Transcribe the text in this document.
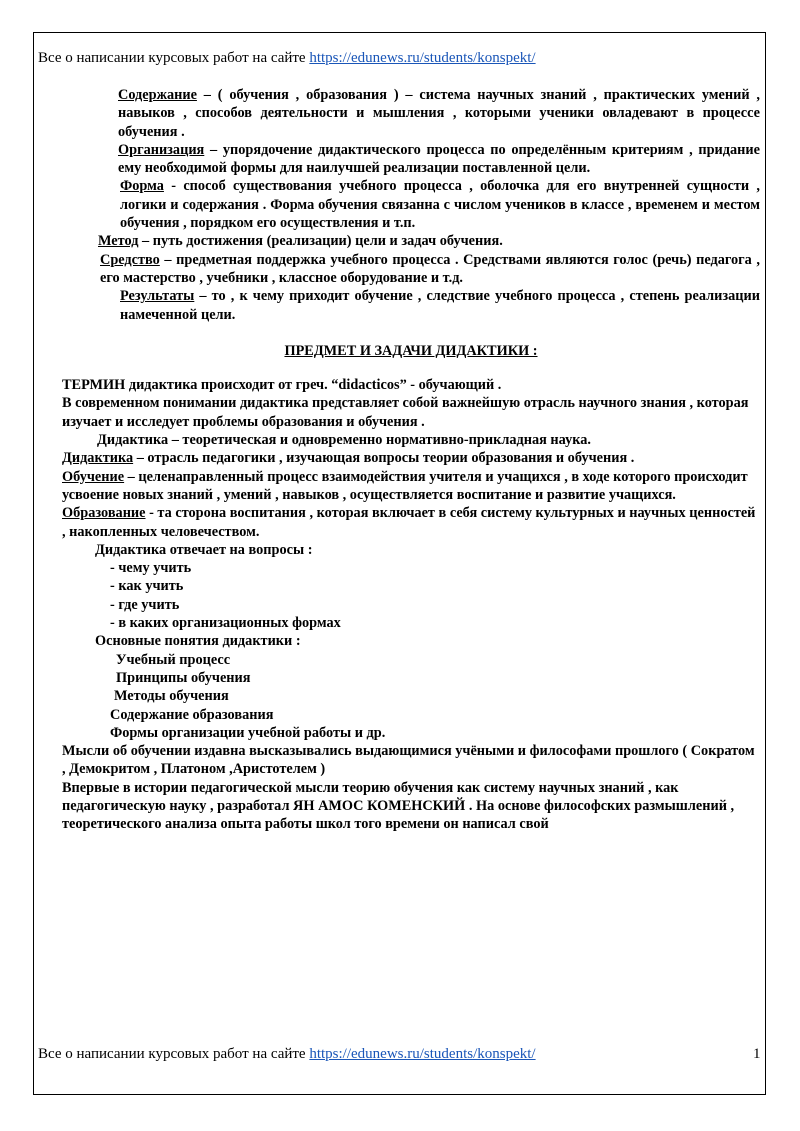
Все о написании курсовых работ на сайте https://edunews.ru/students/konspekt/

Содержание – ( обучения , образования ) – система научных знаний , практических умений , навыков , способов деятельности и мышления , которыми ученики овладевают в процессе обучения .

Организация – упорядочение дидактического процесса по определённым критериям , придание ему необходимой формы для наилучшей реализации поставленной цели.

Форма - способ существования учебного процесса , оболочка для его внутренней сущности , логики и содержания . Форма обучения связанна с числом учеников в классе , временем и местом обучения , порядком его осуществления и т.п.

Метод – путь достижения (реализации) цели и задач обучения.

Средство – предметная поддержка учебного процесса . Средствами являются голос (речь) педагога , его мастерство , учебники , классное оборудование и т.д.

Результаты – то , к чему приходит обучение , следствие учебного процесса , степень реализации намеченной цели.

ПРЕДМЕТ И ЗАДАЧИ ДИДАКТИКИ :

ТЕРМИН дидактика происходит от греч. “didacticos” - обучающий .

В современном понимании дидактика представляет собой важнейшую отрасль научного знания , которая изучает и исследует проблемы образования и обучения .

Дидактика – теоретическая и одновременно нормативно-прикладная наука.

Дидактика – отрасль педагогики , изучающая вопросы теории образования и обучения .

Обучение – целенаправленный процесс взаимодействия учителя и учащихся , в ходе которого происходит усвоение новых знаний , умений , навыков , осуществляется воспитание и развитие учащихся.

Образование - та сторона воспитания , которая включает в себя систему культурных и научных ценностей , накопленных человечеством.

Дидактика отвечает на вопросы :

- чему учить

- как учить

- где учить

- в каких организационных формах

Основные понятия дидактики :

Учебный процесс

Принципы обучения

Методы обучения

Содержание образования

Формы организации учебной работы и др.

Мысли об обучении издавна высказывались выдающимися учёными и философами прошлого ( Сократом , Демокритом , Платоном ,Аристотелем )

Впервые в истории педагогической мысли теорию обучения как систему научных знаний , как педагогическую науку , разработал ЯН АМОС КОМЕНСКИЙ . На основе философских размышлений , теоретического анализа опыта работы школ того времени он написал свой

Все о написании курсовых работ на сайте https://edunews.ru/students/konspekt/	1
